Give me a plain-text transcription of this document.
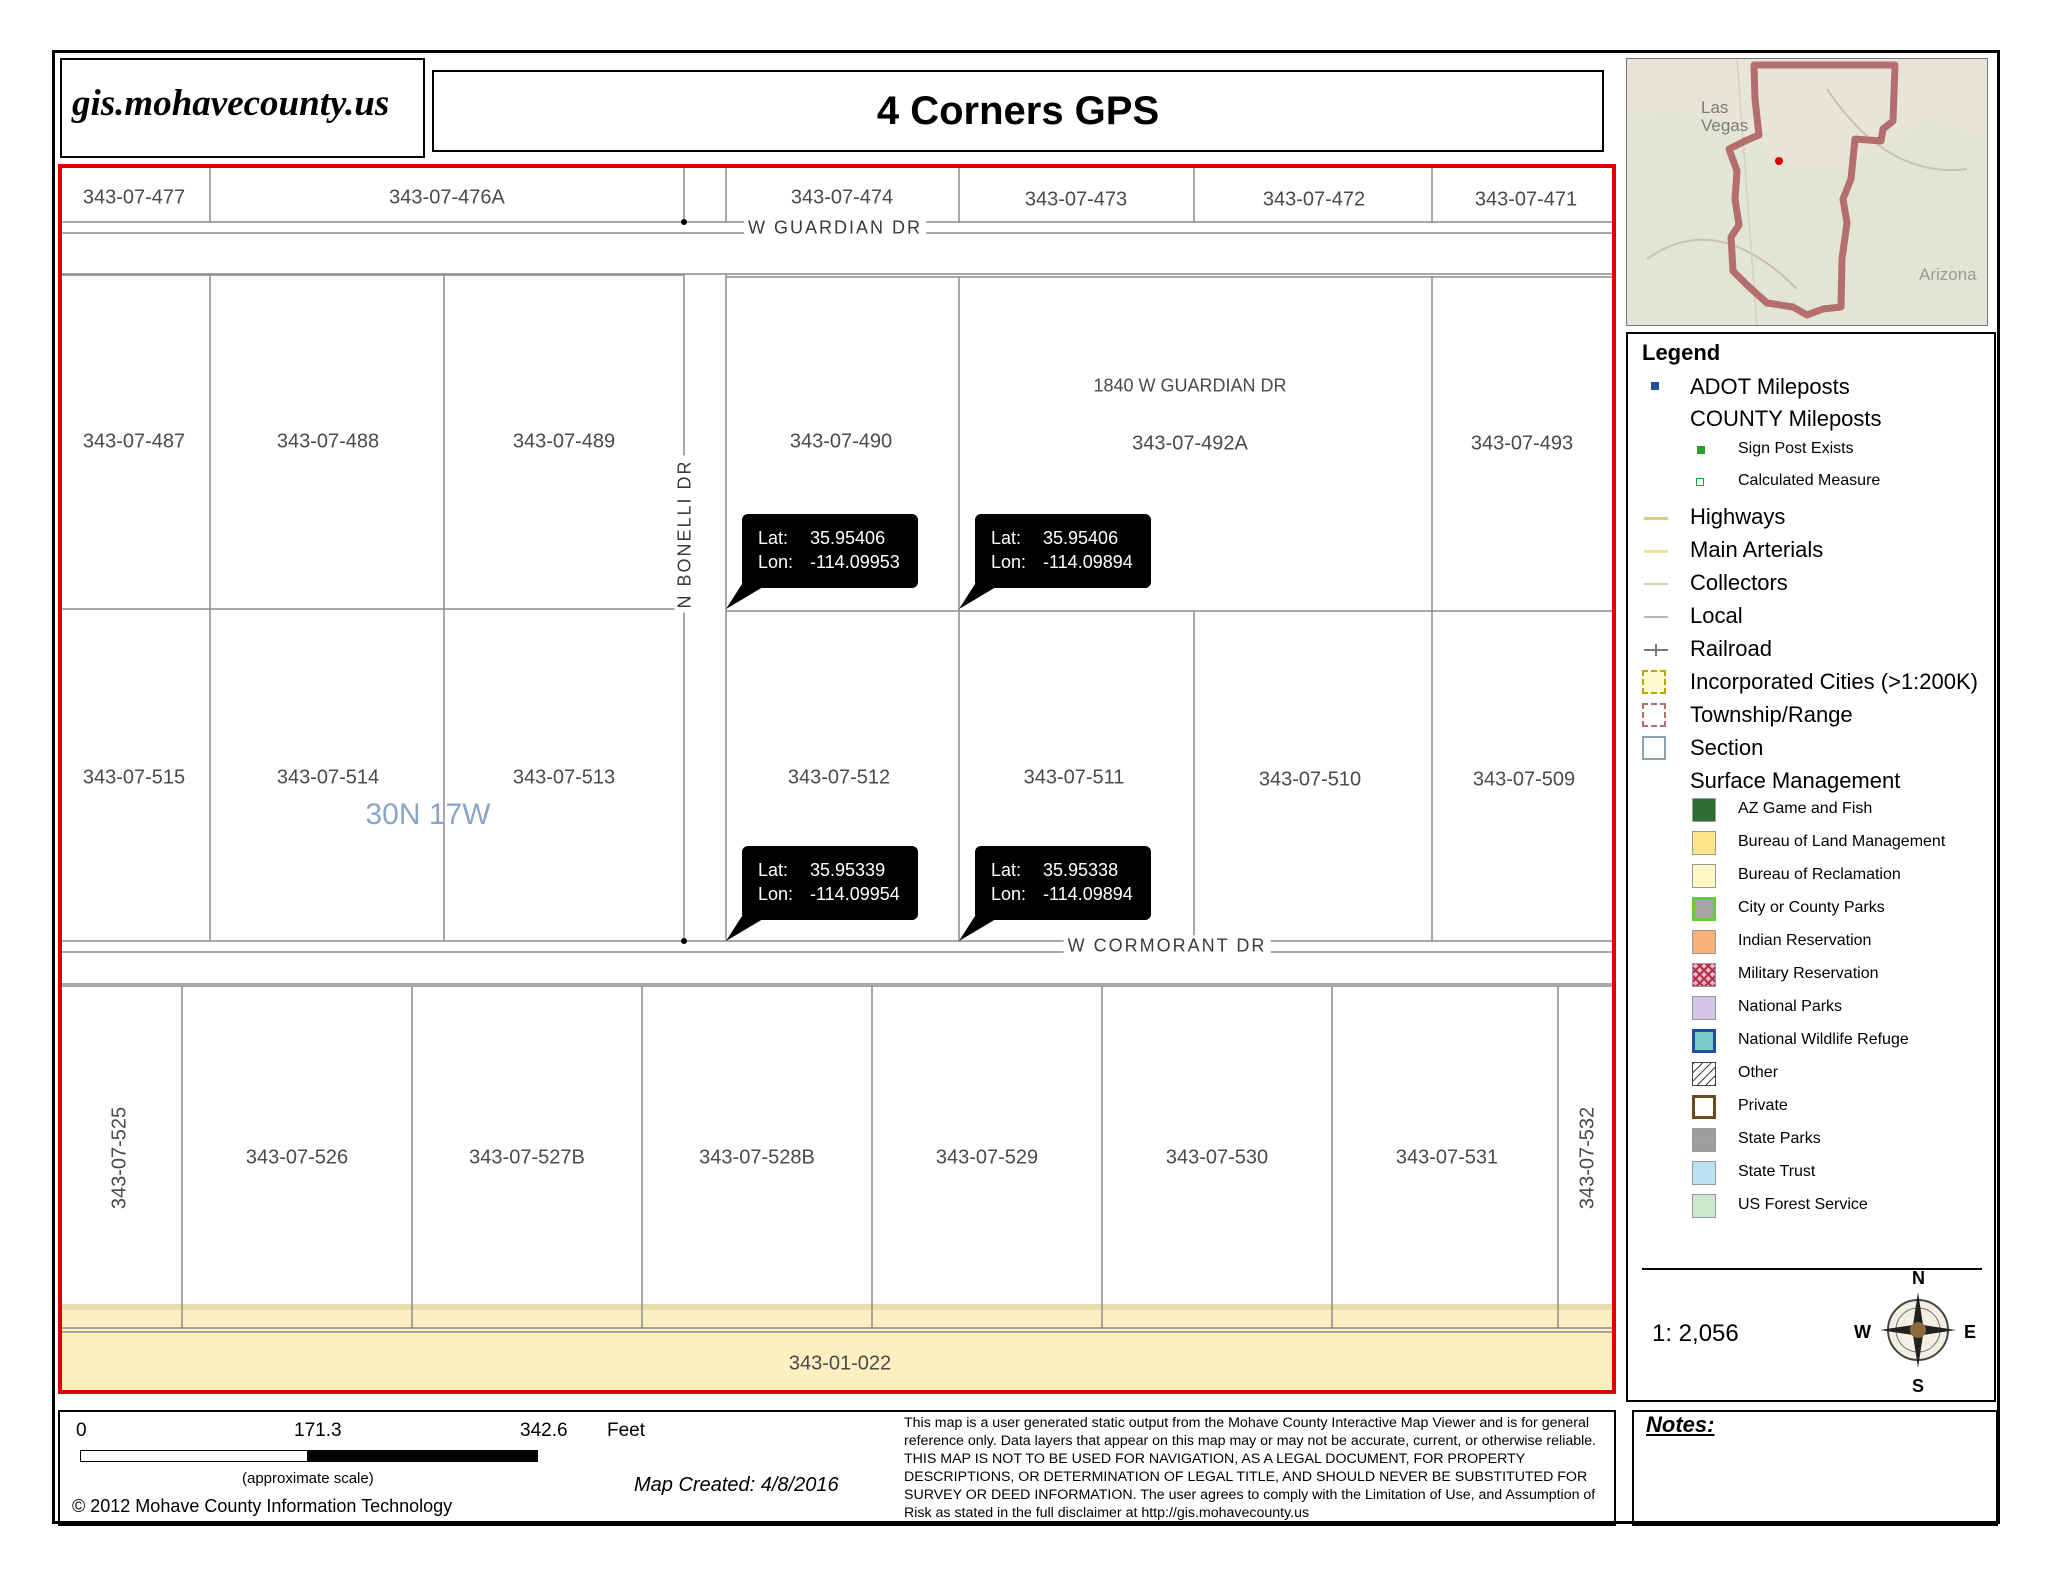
gis.mohavecounty.us	4 Corners GPS
30N 17W
W GUARDIAN DR
W CORMORANT DR
N BONELLI DR
1840 W GUARDIAN DR
343-07-477	343-07-476A	343-07-474	343-07-473	343-07-472	343-07-471
343-07-487	343-07-488	343-07-489	343-07-490	343-07-492A	343-07-493
343-07-515	343-07-514	343-07-513	343-07-512	343-07-511	343-07-510	343-07-509
343-07-525	343-07-526	343-07-527B	343-07-528B	343-07-529	343-07-530	343-07-531	343-07-532
343-01-022
Lat:	35.95406
Lon: -114.09953
Lat:	35.95406
Lon: -114.09894
Lat:	35.95339
Lon: -114.09954
Lat:	35.95338
Lon: -114.09894
Las Vegas
Arizona
Legend
ADOT Mileposts
COUNTY Mileposts
Sign Post Exists
Calculated Measure
Highways
Main Arterials
Collectors
Local
Railroad
Incorporated Cities (>1:200K)
Township/Range
Section
Surface Management
AZ Game and Fish
Bureau of Land Management
Bureau of Reclamation
City or County Parks
Indian Reservation
Military Reservation
National Parks
National Wildlife Refuge
Other
Private
State Parks
State Trust
US Forest Service
1: 2,056
N
S
E
W
0	171.3	342.6 Feet
(approximate scale)
© 2012 Mohave County Information Technology
Map Created: 4/8/2016
This map is a user generated static output from the Mohave County Interactive Map Viewer and is for general reference only. Data layers that appear on this map may or may not be accurate, current, or otherwise reliable. THIS MAP IS NOT TO BE USED FOR NAVIGATION, AS A LEGAL DOCUMENT, FOR PROPERTY DESCRIPTIONS, OR DETERMINATION OF LEGAL TITLE, AND SHOULD NEVER BE SUBSTITUTED FOR SURVEY OR DEED INFORMATION. The user agrees to comply with the Limitation of Use, and Assumption of Risk as stated in the full disclaimer at http://gis.mohavecounty.us
Notes:
